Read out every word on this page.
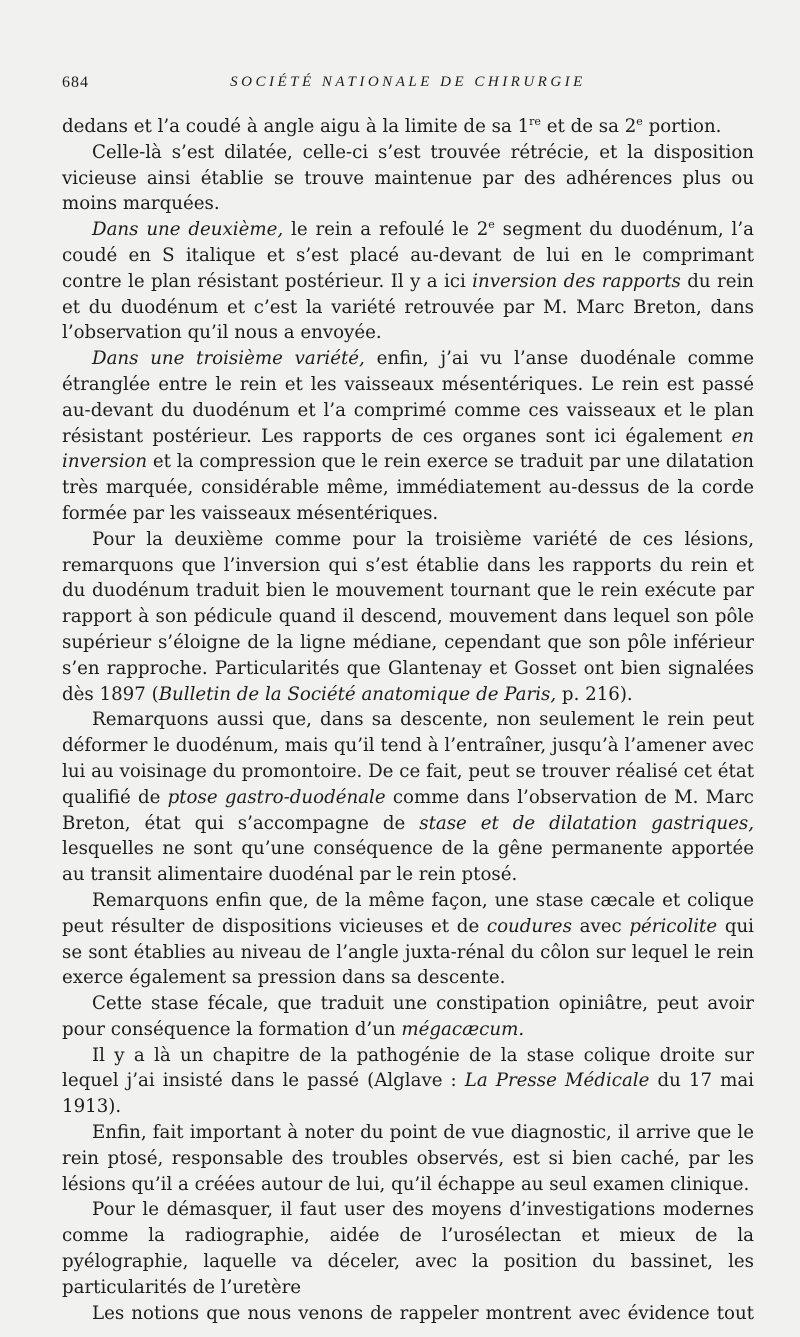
684	SOCIÉTÉ NATIONALE DE CHIRURGIE

dedans et l’a coudé à angle aigu à la limite de sa 1re et de sa 2e portion.

Celle-là s’est dilatée, celle-ci s’est trouvée rétrécie, et la disposition vicieuse ainsi établie se trouve maintenue par des adhérences plus ou moins marquées.

Dans une deuxième, le rein a refoulé le 2e segment du duodénum, l’a coudé en S italique et s’est placé au-devant de lui en le comprimant contre le plan résistant postérieur. Il y a ici inversion des rapports du rein et du duodénum et c’est la variété retrouvée par M. Marc Breton, dans l’observation qu’il nous a envoyée.

Dans une troisième variété, enfin, j’ai vu l’anse duodénale comme étranglée entre le rein et les vaisseaux mésentériques. Le rein est passé au-devant du duodénum et l’a comprimé comme ces vaisseaux et le plan résistant postérieur. Les rapports de ces organes sont ici également en inversion et la compression que le rein exerce se traduit par une dilatation très marquée, considérable même, immédiatement au-dessus de la corde formée par les vaisseaux mésentériques.

Pour la deuxième comme pour la troisième variété de ces lésions, remarquons que l’inversion qui s’est établie dans les rapports du rein et du duodénum traduit bien le mouvement tournant que le rein exécute par rapport à son pédicule quand il descend, mouvement dans lequel son pôle supérieur s’éloigne de la ligne médiane, cependant que son pôle inférieur s’en rapproche. Particularités que Glantenay et Gosset ont bien signalées dès 1897 (Bulletin de la Société anatomique de Paris, p. 216).

Remarquons aussi que, dans sa descente, non seulement le rein peut déformer le duodénum, mais qu’il tend à l’entraîner, jusqu’à l’amener avec lui au voisinage du promontoire. De ce fait, peut se trouver réalisé cet état qualifié de ptose gastro-duodénale comme dans l’observation de M. Marc Breton, état qui s’accompagne de stase et de dilatation gastriques, lesquelles ne sont qu’une conséquence de la gêne permanente apportée au transit alimentaire duodénal par le rein ptosé.

Remarquons enfin que, de la même façon, une stase cæcale et colique peut résulter de dispositions vicieuses et de coudures avec péricolite qui se sont établies au niveau de l’angle juxta-rénal du côlon sur lequel le rein exerce également sa pression dans sa descente.

Cette stase fécale, que traduit une constipation opiniâtre, peut avoir pour conséquence la formation d’un mégacæcum.

Il y a là un chapitre de la pathogénie de la stase colique droite sur lequel j’ai insisté dans le passé (Alglave : La Presse Médicale du 17 mai 1913).

Enfin, fait important à noter du point de vue diagnostic, il arrive que le rein ptosé, responsable des troubles observés, est si bien caché, par les lésions qu’il a créées autour de lui, qu’il échappe au seul examen clinique.

Pour le démasquer, il faut user des moyens d’investigations modernes comme la radiographie, aidée de l’urosélectan et mieux de la pyélographie, laquelle va déceler, avec la position du bassinet, les particularités de l’uretère

Les notions que nous venons de rappeler montrent avec évidence tout
